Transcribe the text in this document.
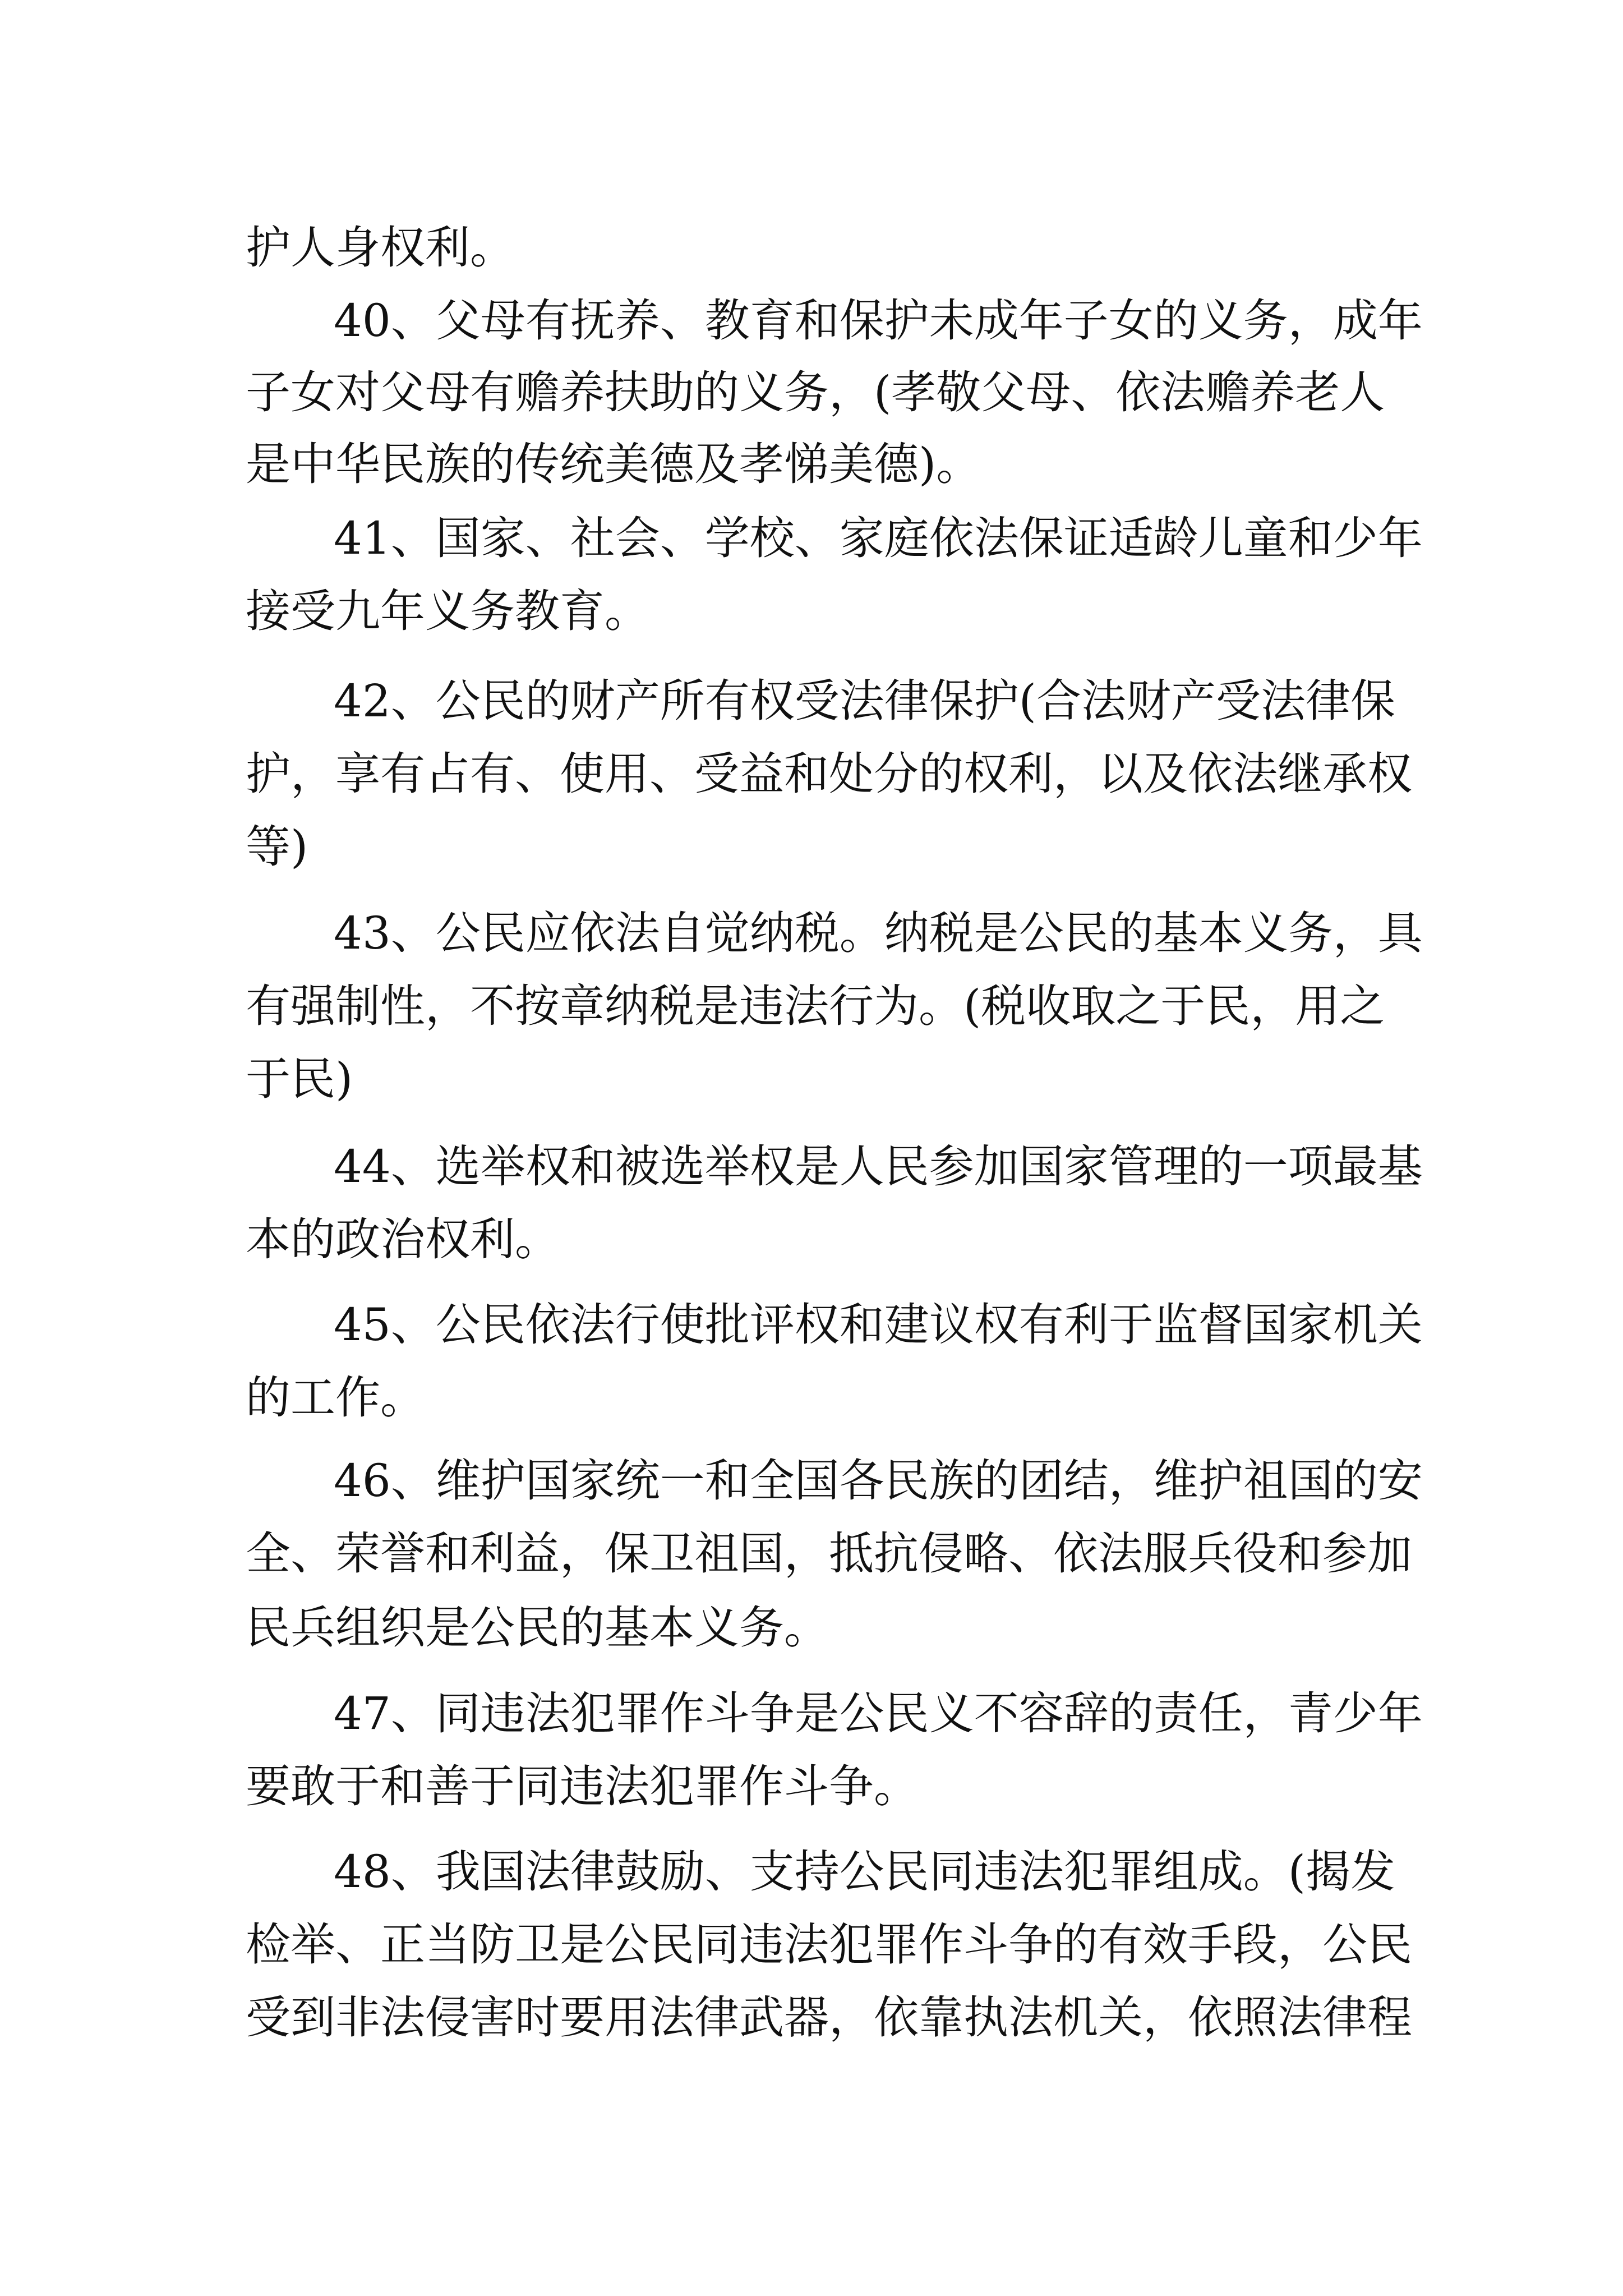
护人身权利。
40、父母有抚养、教育和保护未成年子女的义务，成年
子女对父母有赡养扶助的义务，(孝敬父母、依法赡养老人
是中华民族的传统美德及孝悌美德)。
41、国家、社会、学校、家庭依法保证适龄儿童和少年
接受九年义务教育。
42、公民的财产所有权受法律保护(合法财产受法律保
护，享有占有、使用、受益和处分的权利，以及依法继承权
等)
43、公民应依法自觉纳税。纳税是公民的基本义务，具
有强制性，不按章纳税是违法行为。(税收取之于民，用之
于民)
44、选举权和被选举权是人民参加国家管理的一项最基
本的政治权利。
45、公民依法行使批评权和建议权有利于监督国家机关
的工作。
46、维护国家统一和全国各民族的团结，维护祖国的安
全、荣誉和利益，保卫祖国，抵抗侵略、依法服兵役和参加
民兵组织是公民的基本义务。
47、同违法犯罪作斗争是公民义不容辞的责任，青少年
要敢于和善于同违法犯罪作斗争。
48、我国法律鼓励、支持公民同违法犯罪组成。(揭发
检举、正当防卫是公民同违法犯罪作斗争的有效手段，公民
受到非法侵害时要用法律武器，依靠执法机关，依照法律程
